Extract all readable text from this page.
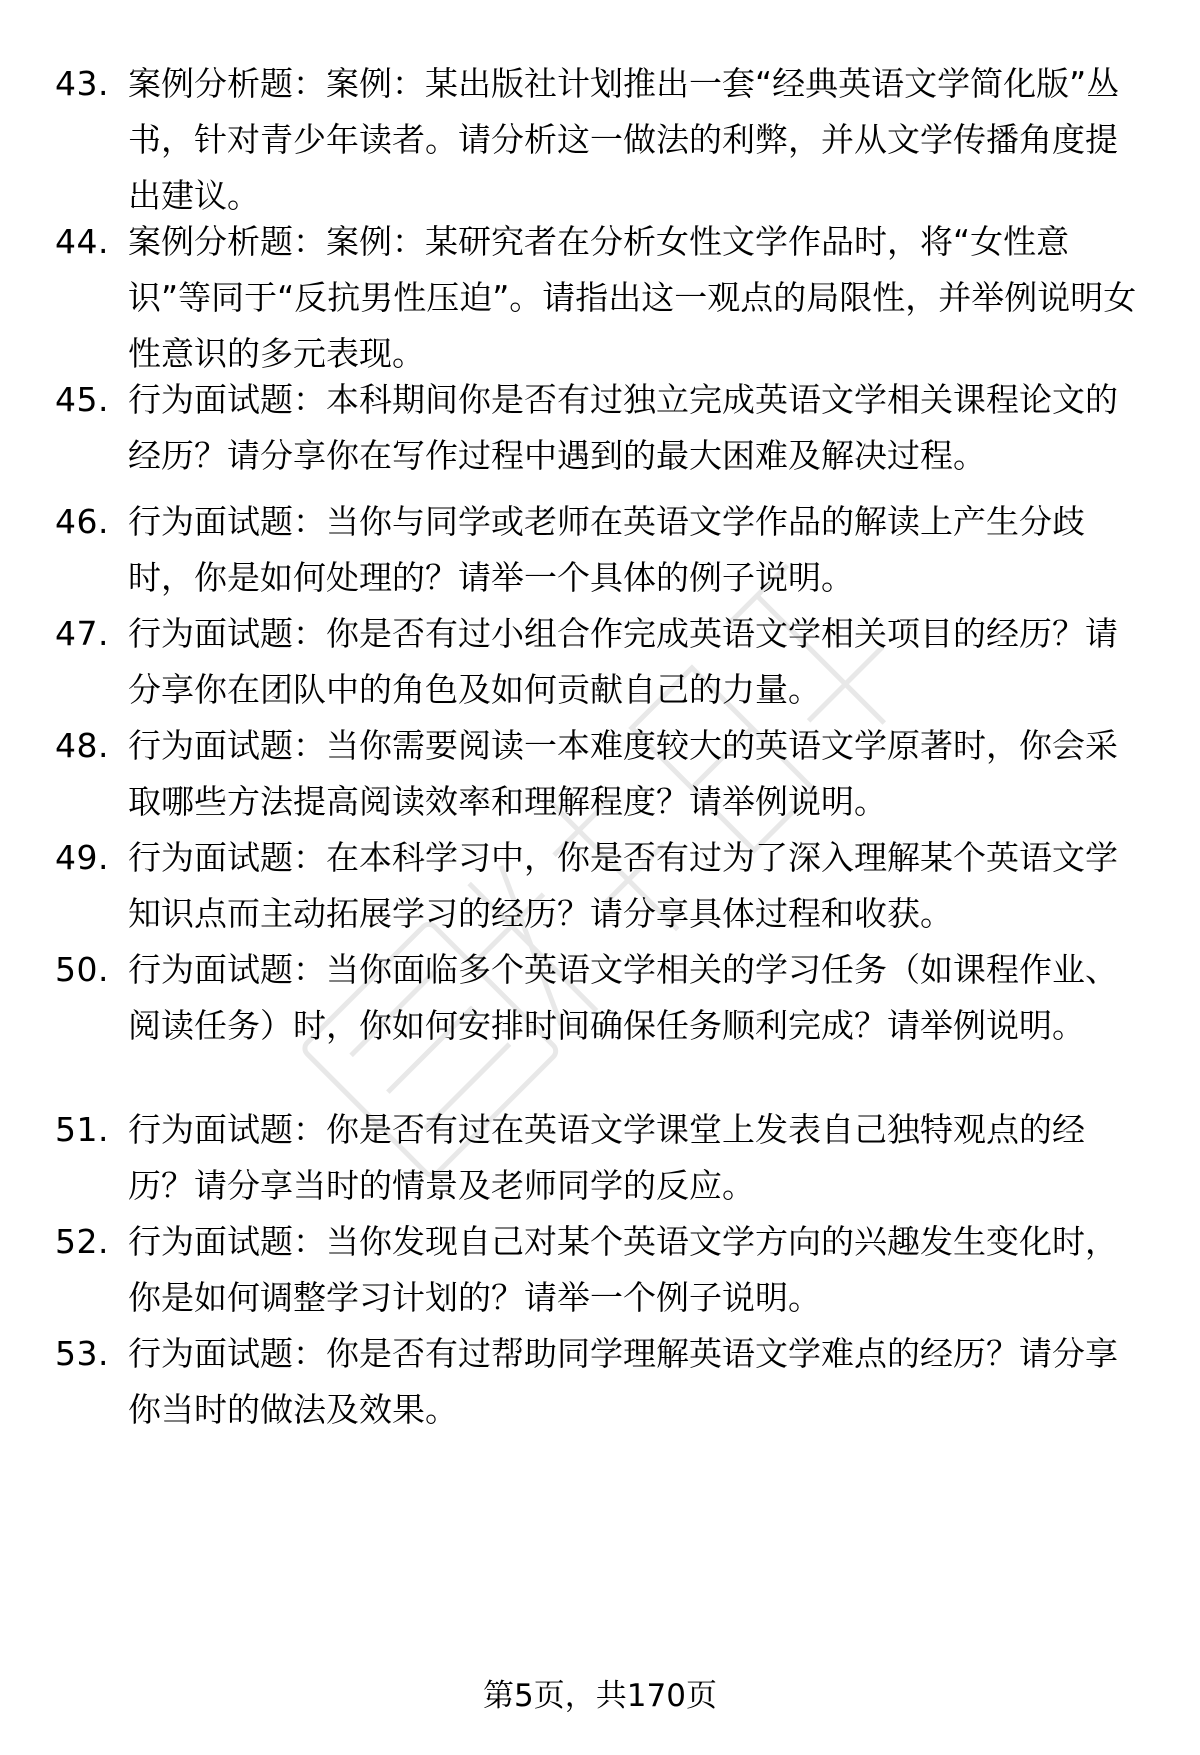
43. 案例分析题：案例：某出版社计划推出一套“经典英语文学简化版”丛书，针对青少年读者。请分析这一做法的利弊，并从文学传播角度提出建议。
44. 案例分析题：案例：某研究者在分析女性文学作品时，将“女性意识”等同于“反抗男性压迫”。请指出这一观点的局限性，并举例说明女性意识的多元表现。
45. 行为面试题：本科期间你是否有过独立完成英语文学相关课程论文的经历？请分享你在写作过程中遇到的最大困难及解决过程。
46. 行为面试题：当你与同学或老师在英语文学作品的解读上产生分歧时，你是如何处理的？请举一个具体的例子说明。
47. 行为面试题：你是否有过小组合作完成英语文学相关项目的经历？请分享你在团队中的角色及如何贡献自己的力量。
48. 行为面试题：当你需要阅读一本难度较大的英语文学原著时，你会采取哪些方法提高阅读效率和理解程度？请举例说明。
49. 行为面试题：在本科学习中，你是否有过为了深入理解某个英语文学知识点而主动拓展学习的经历？请分享具体过程和收获。
50. 行为面试题：当你面临多个英语文学相关的学习任务（如课程作业、阅读任务）时，你如何安排时间确保任务顺利完成？请举例说明。
51. 行为面试题：你是否有过在英语文学课堂上发表自己独特观点的经历？请分享当时的情景及老师同学的反应。
52. 行为面试题：当你发现自己对某个英语文学方向的兴趣发生变化时，你是如何调整学习计划的？请举一个例子说明。
53. 行为面试题：你是否有过帮助同学理解英语文学难点的经历？请分享你当时的做法及效果。
第5页，共170页
